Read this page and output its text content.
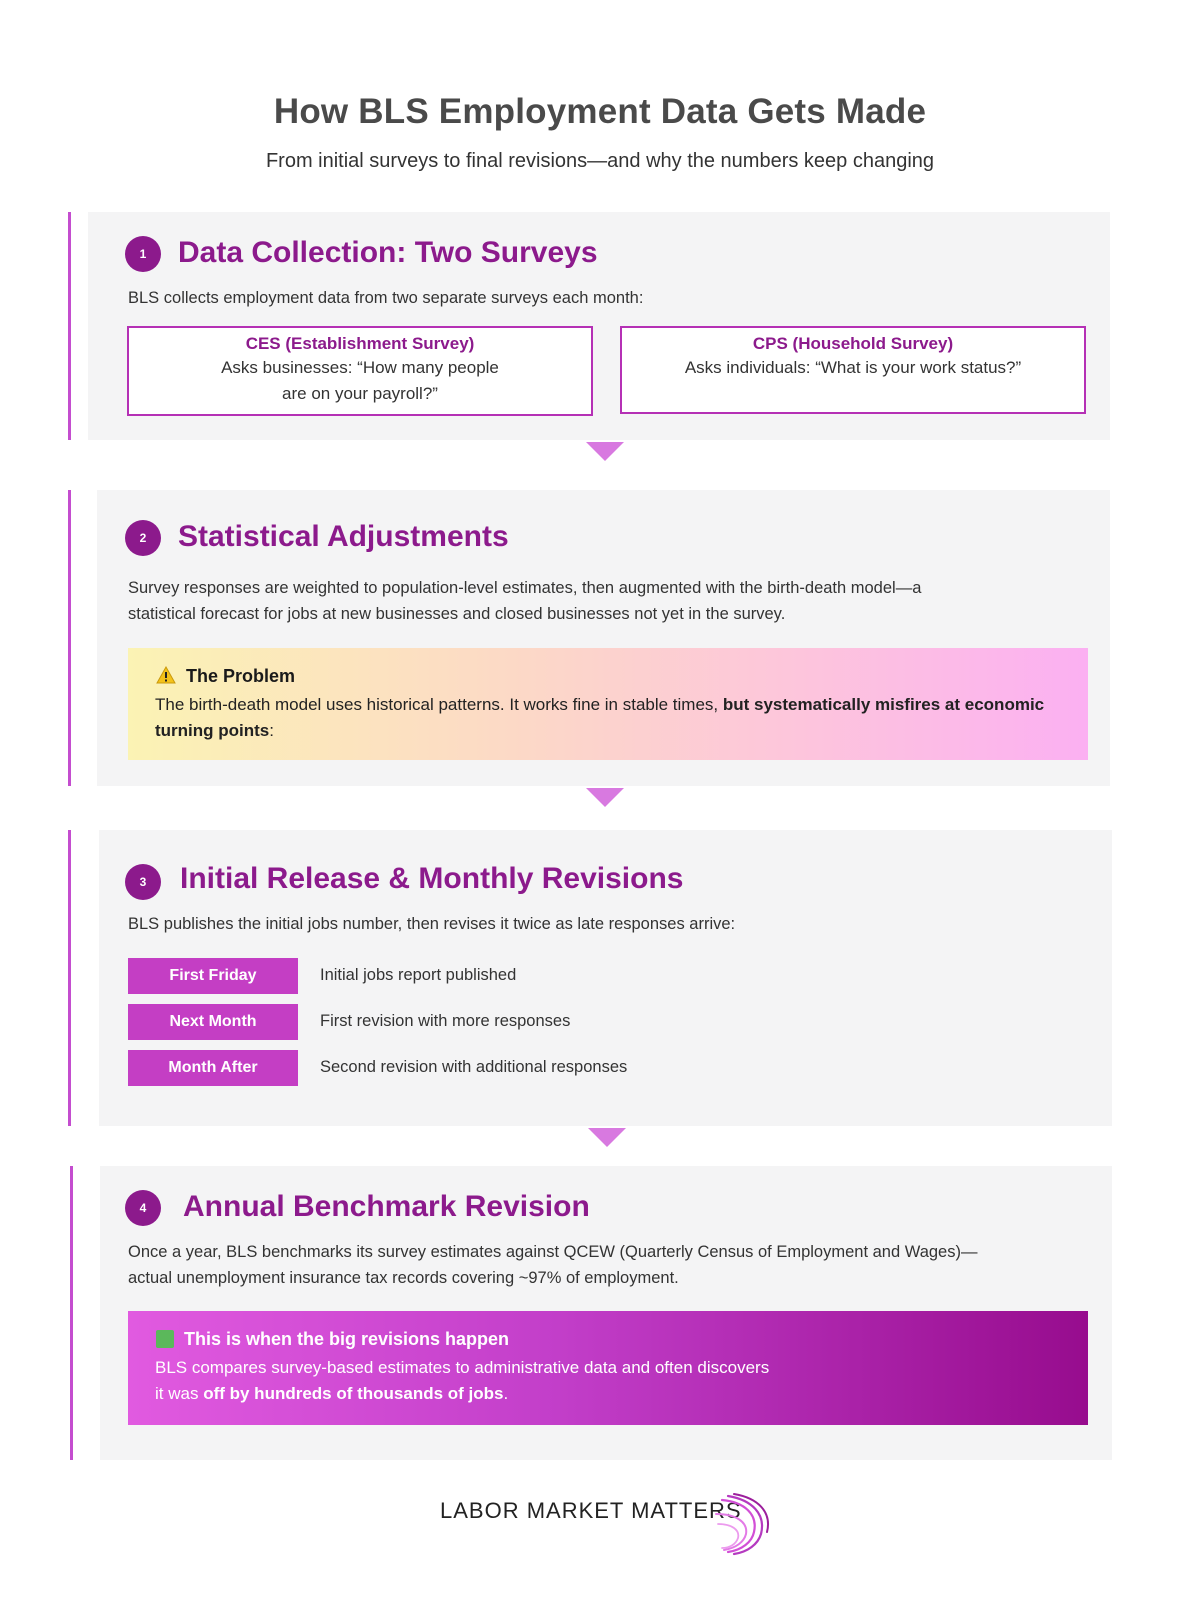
How BLS Employment Data Gets Made
From initial surveys to final revisions—and why the numbers keep changing
1	Data Collection: Two Surveys
BLS collects employment data from two separate surveys each month:
CES (Establishment Survey)
Asks businesses: “How many people
are on your payroll?”
CPS (Household Survey)
Asks individuals: “What is your work status?”
2	Statistical Adjustments
Survey responses are weighted to population-level estimates, then augmented with the birth-death model—a
statistical forecast for jobs at new businesses and closed businesses not yet in the survey.
The Problem
The birth-death model uses historical patterns. It works fine in stable times, but systematically misfires at economic turning points:
3	Initial Release & Monthly Revisions
BLS publishes the initial jobs number, then revises it twice as late responses arrive:
First Friday	Initial jobs report published
Next Month	First revision with more responses
Month After	Second revision with additional responses
4	Annual Benchmark Revision
Once a year, BLS benchmarks its survey estimates against QCEW (Quarterly Census of Employment and Wages)—
actual unemployment insurance tax records covering ~97% of employment.
This is when the big revisions happen
BLS compares survey-based estimates to administrative data and often discovers
it was off by hundreds of thousands of jobs.
LABOR MARKET MATTERS
